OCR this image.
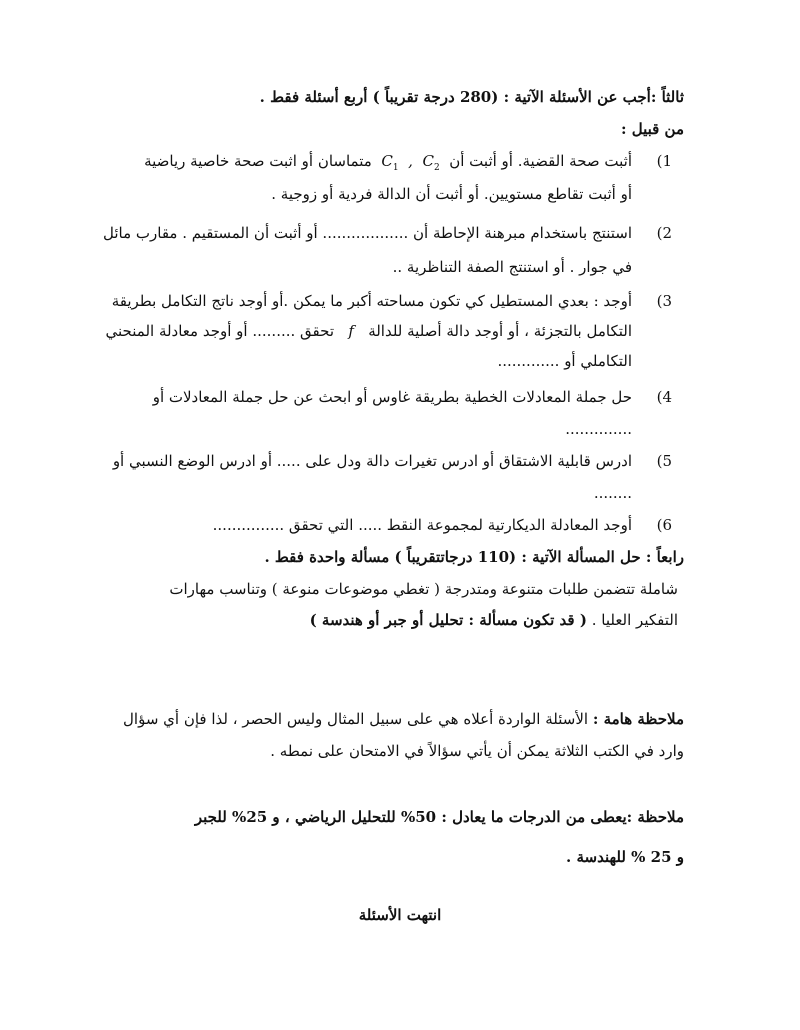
ثالثاً :أجب عن الأسئلة الآتية : (280 درجة تقريباً ) أربع أسئلة فقط .
من قبيل :
(1
أثبت صحة القضية. أو أثبت أن  $C_1$ , $C_2$  متماسان أو اثبت صحة خاصية رياضية
أو أثبت تقاطع مستويين. أو أثبت أن الدالة فردية أو زوجية .
(2
استنتج باستخدام مبرهنة الإحاطة أن .................. أو أثبت أن المستقيم . مقارب مائل
في جوار . أو استنتج الصفة التناظرية ..
(3
أوجد : بعدي المستطيل كي تكون مساحته أكبر ما يمكن .أو أوجد ناتج التكامل بطريقة
التكامل بالتجزئة ، أو أوجد دالة أصلية للدالة   f   تحقق ......... أو أوجد معادلة المنحني
التكاملي أو .............
(4
حل جملة المعادلات الخطية بطريقة غاوس أو ابحث عن حل جملة المعادلات أو
..............
(5
ادرس قابلية الاشتقاق أو ادرس تغيرات دالة ودل على ..... أو ادرس الوضع النسبي أو
........
(6
أوجد المعادلة الديكارتية لمجموعة النقط ..... التي تحقق ...............
رابعاً : حل المسألة الآتية : (110 درجاتتقريباً ) مسألة واحدة فقط .
شاملة تتضمن طلبات متنوعة ومتدرجة ( تغطي موضوعات منوعة ) وتناسب مهارات
التفكير العليا . ( قد تكون مسألة : تحليل أو جبر أو هندسة )
ملاحظة هامة : الأسئلة الواردة أعلاه هي على سبيل المثال وليس الحصر ، لذا فإن أي سؤال
وارد في الكتب الثلاثة يمكن أن يأتي سؤالاً في الامتحان على نمطه .
ملاحظة :يعطى من الدرجات ما يعادل : 50% للتحليل الرياضي ، و 25% للجبر
و 25 % للهندسة .
انتهت الأسئلة
